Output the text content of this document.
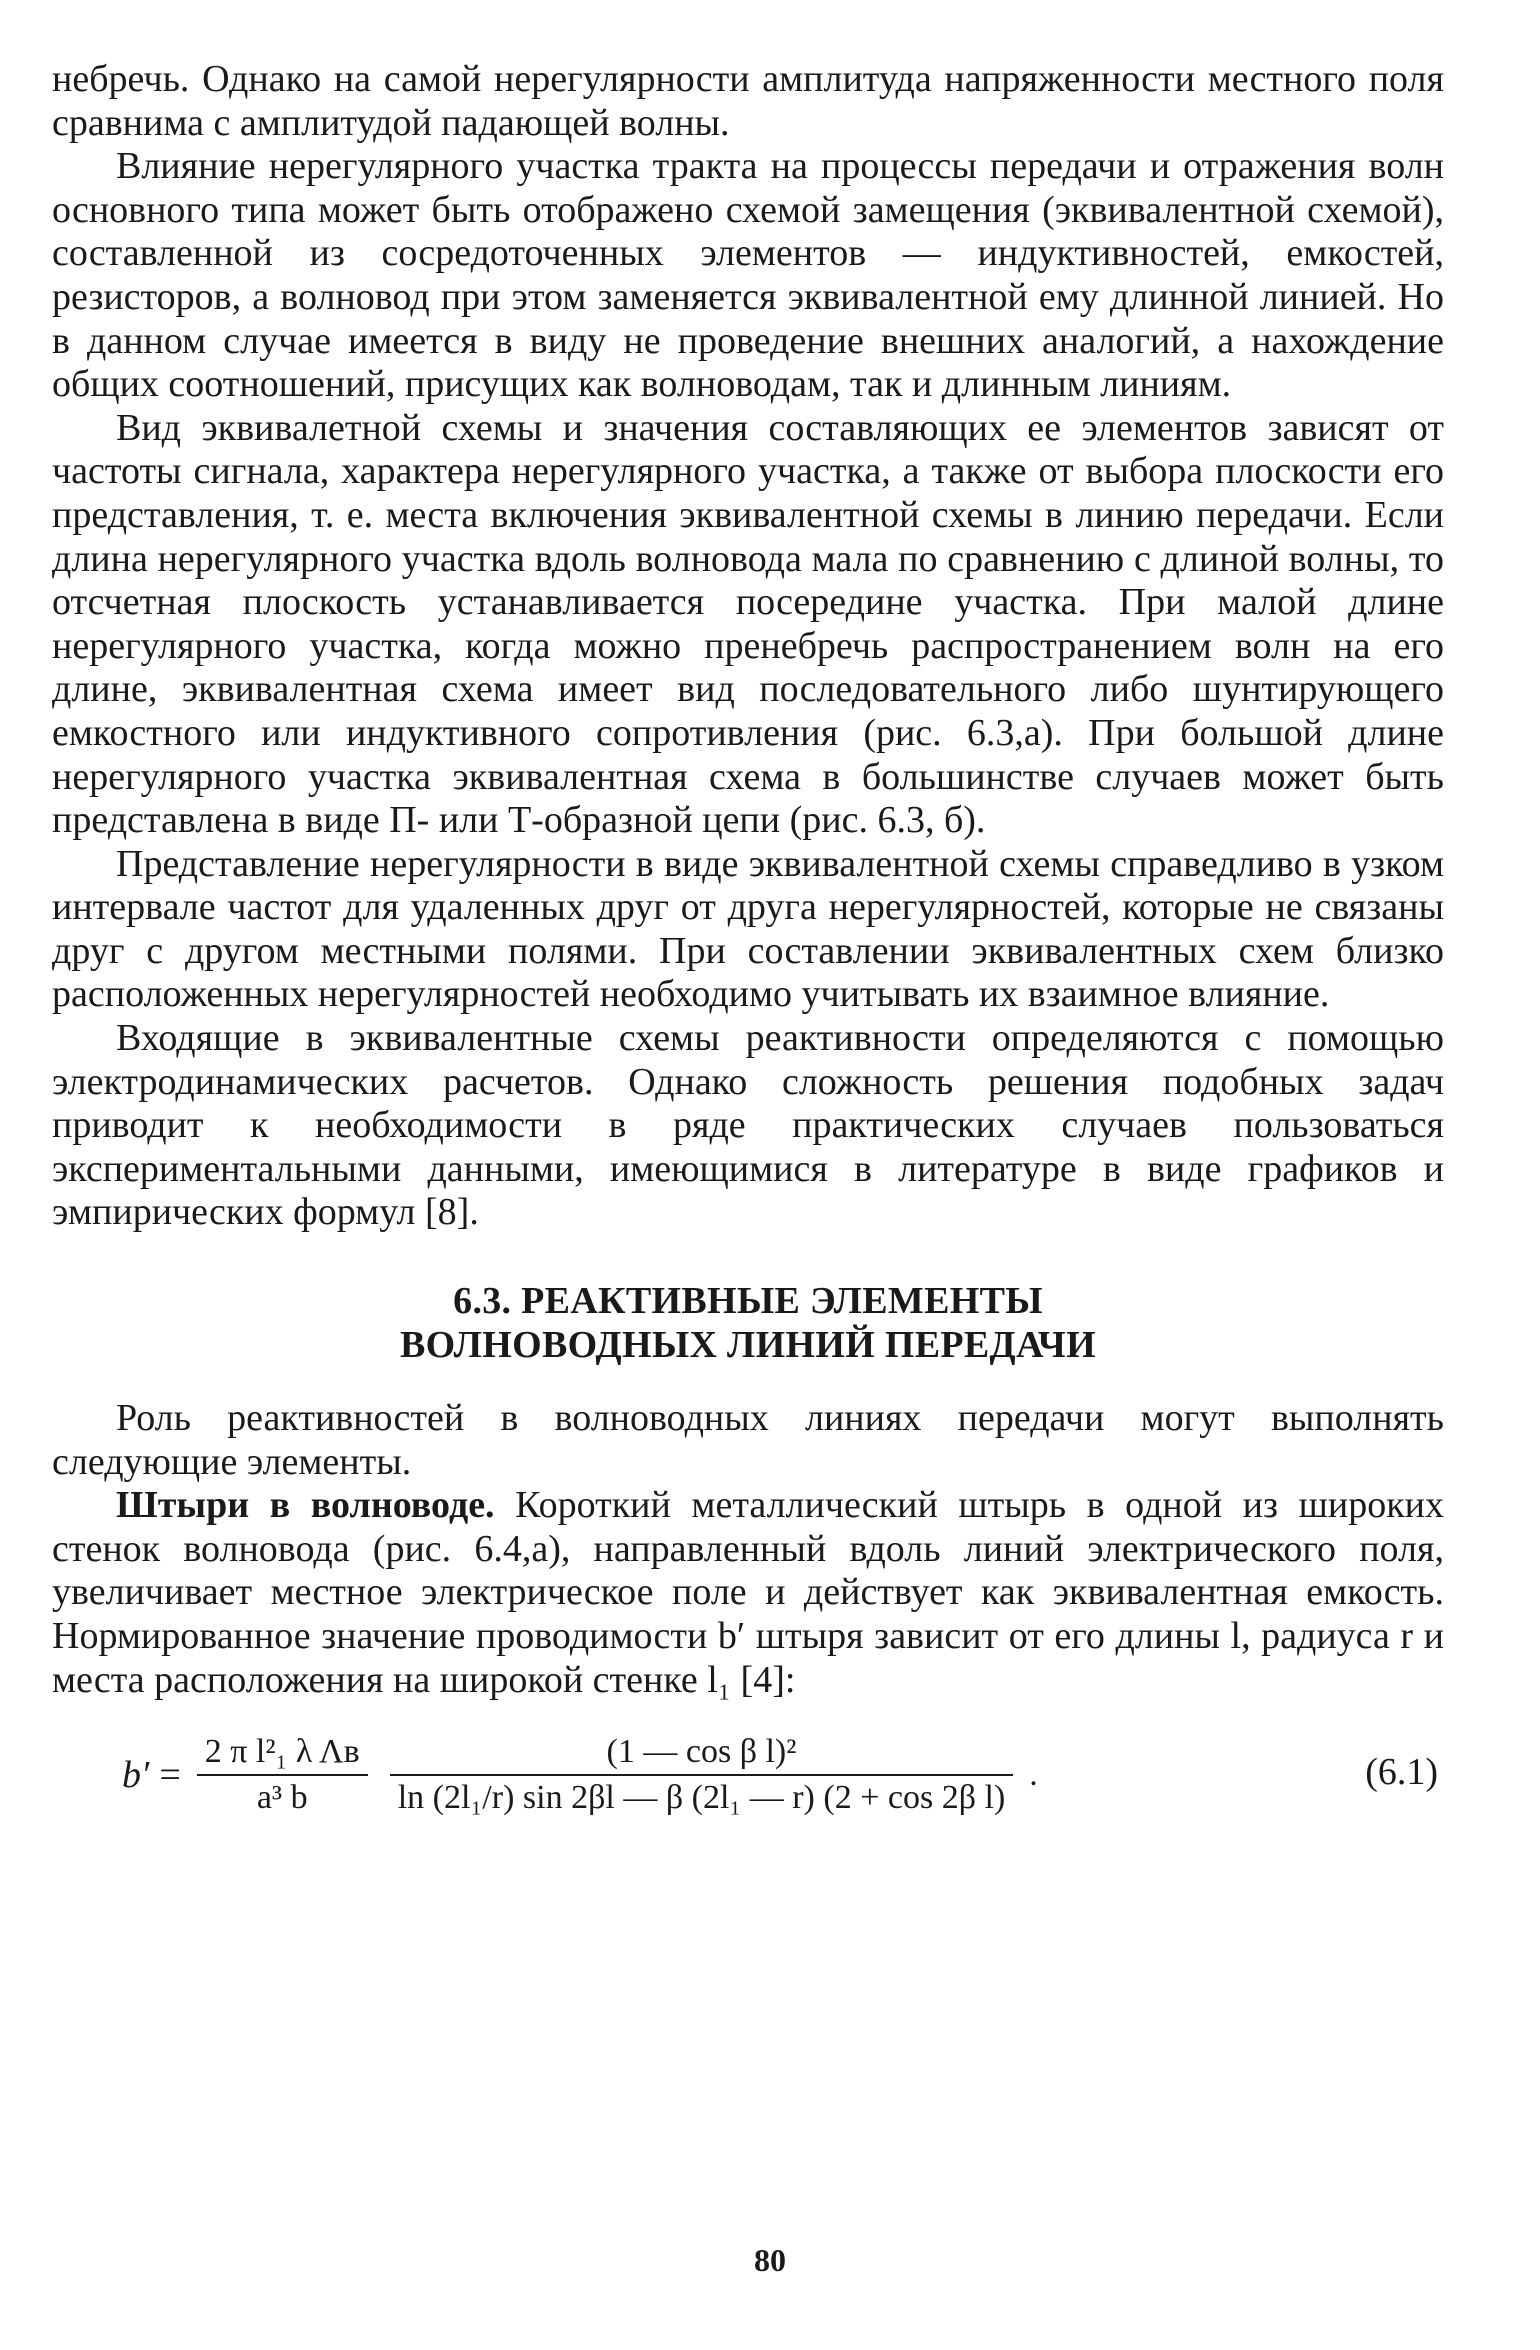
небречь. Однако на самой нерегулярности амплитуда напряженности местного поля сравнима с амплитудой падающей волны.

Влияние нерегулярного участка тракта на процессы передачи и отражения волн основного типа может быть отображено схемой замещения (эквивалентной схемой), составленной из сосредоточенных элементов — индуктивностей, емкостей, резисторов, а волновод при этом заменяется эквивалентной ему длинной линией. Но в данном случае имеется в виду не проведение внешних аналогий, а нахождение общих соотношений, присущих как волноводам, так и длинным линиям.

Вид эквивалетной схемы и значения составляющих ее элементов зависят от частоты сигнала, характера нерегулярного участка, а также от выбора плоскости его представления, т. е. места включения эквивалентной схемы в линию передачи. Если длина нерегулярного участка вдоль волновода мала по сравнению с длиной волны, то отсчетная плоскость устанавливается посередине участка. При малой длине нерегулярного участка, когда можно пренебречь распространением волн на его длине, эквивалентная схема имеет вид последовательного либо шунтирующего емкостного или индуктивного сопротивления (рис. 6.3,а). При большой длине нерегулярного участка эквивалентная схема в большинстве случаев может быть представлена в виде П- или Т-образной цепи (рис. 6.3, б).

Представление нерегулярности в виде эквивалентной схемы справедливо в узком интервале частот для удаленных друг от друга нерегулярностей, которые не связаны друг с другом местными полями. При составлении эквивалентных схем близко расположенных нерегулярностей необходимо учитывать их взаимное влияние.

Входящие в эквивалентные схемы реактивности определяются с помощью электродинамических расчетов. Однако сложность решения подобных задач приводит к необходимости в ряде практических случаев пользоваться экспериментальными данными, имеющимися в литературе в виде графиков и эмпирических формул [8].

6.3. РЕАКТИВНЫЕ ЭЛЕМЕНТЫ
ВОЛНОВОДНЫХ ЛИНИЙ ПЕРЕДАЧИ

Роль реактивностей в волноводных линиях передачи могут выполнять следующие элементы.

Штыри в волноводе. Короткий металлический штырь в одной из широких стенок волновода (рис. 6.4,а), направленный вдоль линий электрического поля, увеличивает местное электрическое поле и действует как эквивалентная емкость. Нормированное значение проводимости b′ штыря зависит от его длины l, радиуса r и места расположения на широкой стенке l₁ [4]:

$b' = \frac{\text{2 π l²₁ λ Λв}}{\text{a³ b}} \frac{\text{(1 — cos β l)²}}{\text{ln (2l₁/r) sin 2βl — β (2l₁ — r) (2 + cos 2β l)}}$ .	(6.1)
80
